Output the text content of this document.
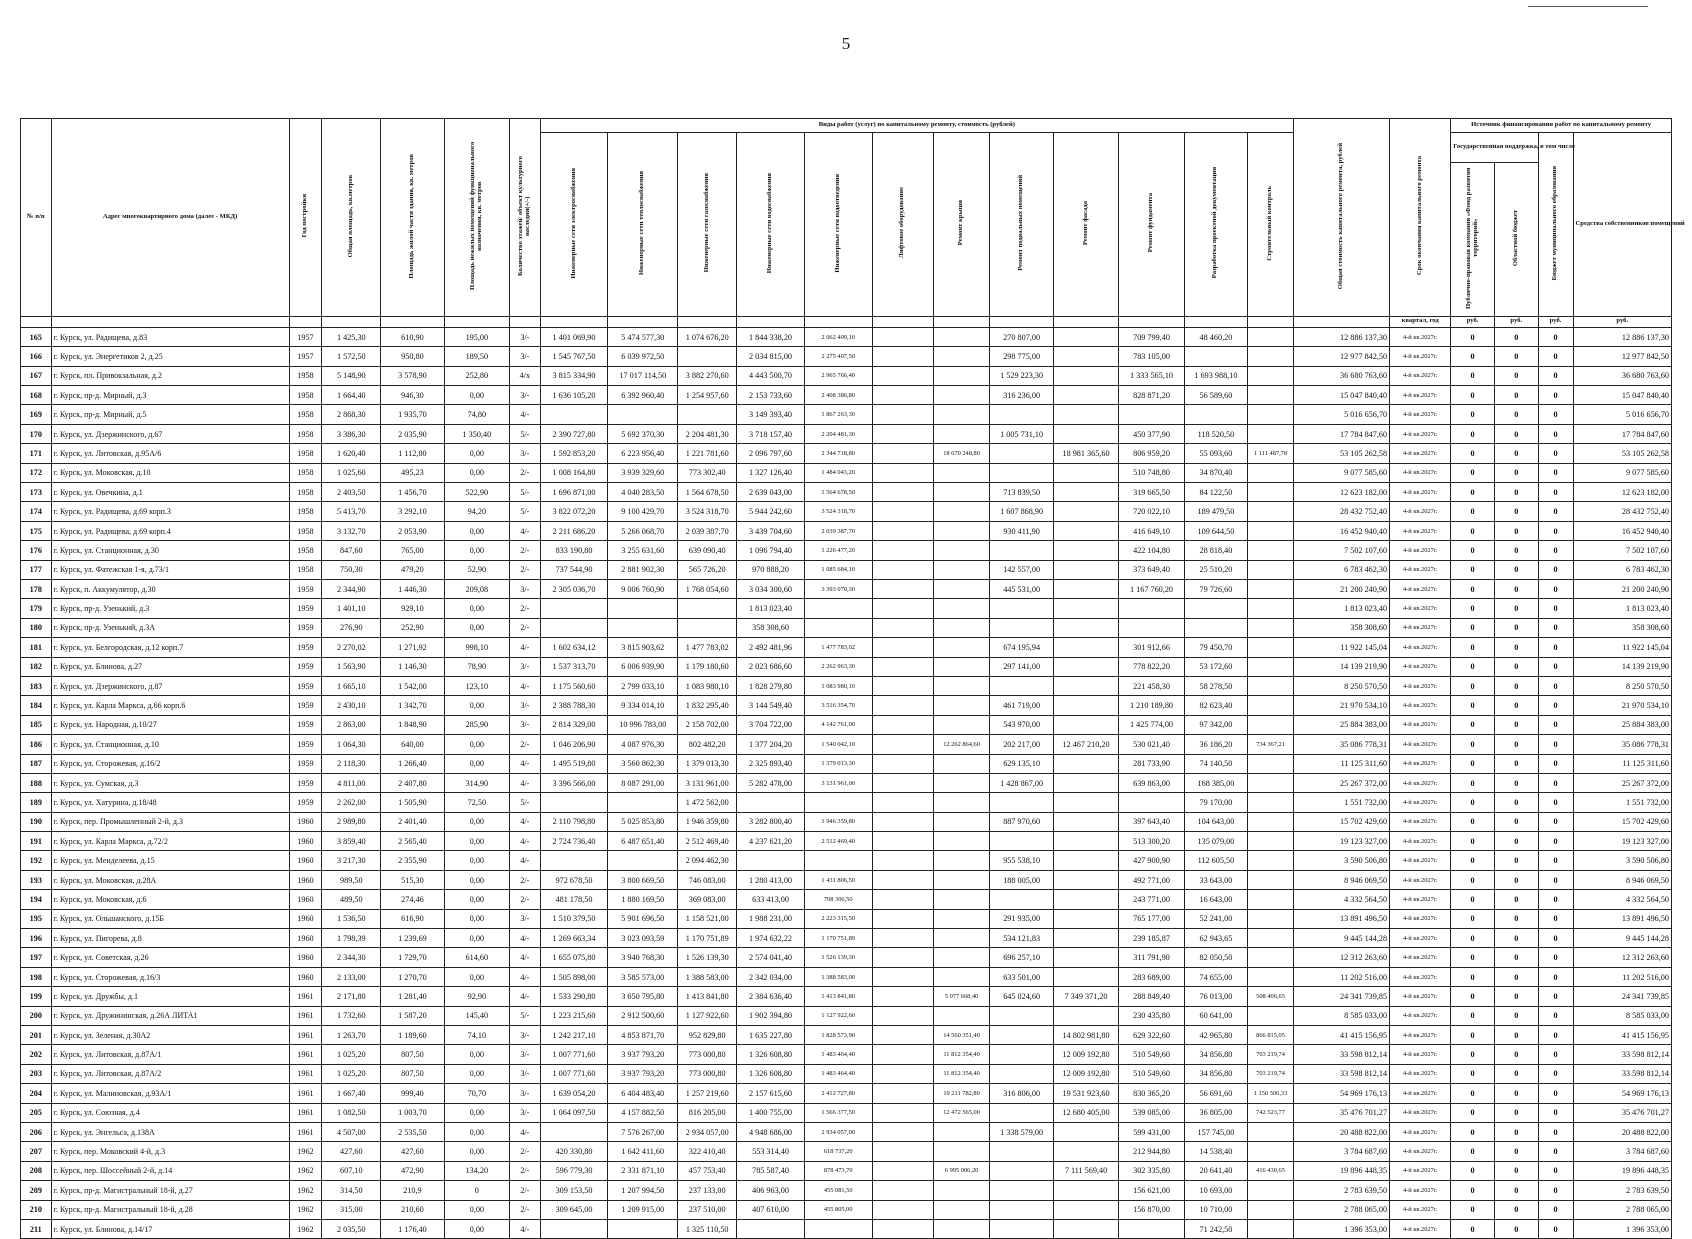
5
№ п/п	Адрес многоквартирного дома (далее - МКД)	Год постройки	Общая площадь, кв.метров	Площадь жилой части здания, кв. метров	Площадь нежилых помещений функционального назначения, кв. метров	Количество этажей/ объект культурного наследия(+/-)	Виды работ (услуг) по капитальному ремонту, стоимость (рублей)												Общая стоимость капитального ремонта, рублей	Срок окончания капитального ремонта	Источник финансирования работ по капитальному ремонту			
							Инженерные сети электроснабжения	Инженерные сети теплоснабжения	Инженерные сети газоснабжения	Инженерные сети водоснабжения	Инженерные сети водоотведения	Лифтовое оборудование	Ремонт крыши	Ремонт подвальных помещений	Ремонт фасада	Ремонт фундамента	Разработка проектной документации	Строительный контроль			Государственная поддержка, в том числе		Бюджет муниципального образования	Средства собственников помещений
																					Публично-правовая компания «Фонд развития территорий»	Областной бюджет		
																				квартал, год	руб.	руб.	руб.	руб.
165	г. Курск, ул. Радищева, д.83	1957	1 425,30	610,90	195,00	3/-	1 401 069,90	5 474 577,30	1 074 676,20	1 844 338,20	2 062 409,10			270 807,00		709 799,40	48 460,20		12 886 137,30	4-й кв.2027г.	0	0	0	12 886 137,30
166	г. Курск, ул. Энергетиков 2, д.25	1957	1 572,50	950,80	189,50	3/-	1 545 767,50	6 039 972,50		2 034 815,00	2 275 407,50			298 775,00		783 105,00			12 977 842,50	4-й кв.2027г.	0	0	0	12 977 842,50
167	г. Курск, пл. Привокзальная, д.2	1958	5 148,90	3 578,90	252,80	4/х	3 815 334,90	17 017 114,50	3 882 270,60	4 443 500,70	2 965 766,40			1 529 223,30		1 333 565,10	1 693 988,10		36 680 763,60	4-й кв.2027г.	0	0	0	36 680 763,60
168	г. Курск, пр-д. Мирный, д.3	1958	1 664,40	946,30	0,00	3/-	1 636 105,20	6 392 960,40	1 254 957,60	2 153 733,60	2 408 386,80			316 236,00		828 871,20	56 589,60		15 047 840,40	4-й кв.2027г.	0	0	0	15 047 840,40
169	г. Курск, пр-д. Мирный, д.5	1958	2 868,30	1 935,70	74,80	4/-				3 149 393,40	1 867 263,30								5 016 656,70	4-й кв.2027г.	0	0	0	5 016 656,70
170	г. Курск, ул. Дзержинского, д.67	1958	3 386,30	2 035,90	1 350,40	5/-	2 390 727,80	5 692 370,30	2 204 481,30	3 718 157,40	2 204 481,30			1 005 731,10		450 377,90	118 520,50		17 784 847,60	4-й кв.2027г.	0	0	0	17 784 847,60
171	г. Курск, ул. Литовская, д.95А/6	1958	1 620,40	1 112,80	0,00	3/-	1 592 853,20	6 223 956,40	1 221 781,60	2 096 797,60	2 344 718,80		18 670 248,80		18 981 365,60	806 959,20	55 093,60	1 111 487,78	53 105 262,58	4-й кв.2027г.	0	0	0	53 105 262,58
172	г. Курск, ул. Моковская, д.10	1958	1 025,60	495,23	0,00	2/-	1 008 164,80	3 939 329,60	773 302,40	1 327 126,40	1 484 043,20					510 748,80	34 870,40		9 077 585,60	4-й кв.2027г.	0	0	0	9 077 585,60
173	г. Курск, ул. Овечкина, д.1	1958	2 403,50	1 456,70	522,90	5/-	1 696 871,00	4 040 283,50	1 564 678,50	2 639 043,00	1 564 678,50			713 839,50		319 665,50	84 122,50		12 623 182,00	4-й кв.2027г.	0	0	0	12 623 182,00
174	г. Курск, ул. Радищева, д.69 корп.3	1958	5 413,70	3 292,10	94,20	5/-	3 822 072,20	9 100 429,70	3 524 318,70	5 944 242,60	3 524 318,70			1 607 868,90		720 022,10	189 479,50		28 432 752,40	4-й кв.2027г.	0	0	0	28 432 752,40
175	г. Курск, ул. Радищева, д.69 корп.4	1958	3 132,70	2 053,90	0,00	4/-	2 211 686,20	5 266 068,70	2 039 387,70	3 439 704,60	2 039 387,70			930 411,90		416 649,10	109 644,50		16 452 940,40	4-й кв.2027г.	0	0	0	16 452 940,40
176	г. Курск, ул. Станционная, д.30	1958	847,60	765,00	0,00	2/-	833 190,80	3 255 631,60	639 090,40	1 096 794,40	1 226 477,20					422 104,80	28 818,40		7 502 107,60	4-й кв.2027г.	0	0	0	7 502 107,60
177	г. Курск, ул. Фатежская 1-я, д.73/1	1958	750,30	479,20	52,90	2/-	737 544,90	2 881 902,30	565 726,20	970 888,20	1 085 684,10			142 557,00		373 649,40	25 510,20		6 783 462,30	4-й кв.2027г.	0	0	0	6 783 462,30
178	г. Курск, п. Аккумулятор, д.30	1959	2 344,90	1 446,30	209,08	3/-	2 305 036,70	9 006 760,90	1 768 054,60	3 034 300,60	3 393 070,30			445 531,00		1 167 760,20	79 726,60		21 200 240,90	4-й кв.2027г.	0	0	0	21 200 240,90
179	г. Курск, пр-д. Узенький, д.3	1959	1 401,10	929,10	0,00	2/-				1 813 023,40									1 813 023,40	4-й кв.2027г.	0	0	0	1 813 023,40
180	г. Курск, пр-д. Узенький, д.3А	1959	276,90	252,90	0,00	2/-				358 308,60									358 308,60	4-й кв.2027г.	0	0	0	358 308,60
181	г. Курск, ул. Белгородская, д.12 корп.7	1959	2 270,02	1 271,92	998,10	4/-	1 602 634,12	3 815 903,62	1 477 783,02	2 492 481,96	1 477 783,02			674 195,94		301 912,66	79 450,70		11 922 145,04	4-й кв.2027г.	0	0	0	11 922 145,04
182	г. Курск, ул. Блинова, д.27	1959	1 563,90	1 146,30	78,90	3/-	1 537 313,70	6 006 939,90	1 179 180,60	2 023 686,60	2 262 963,30			297 141,00		778 822,20	53 172,60		14 139 219,90	4-й кв.2027г.	0	0	0	14 139 219,90
183	г. Курск, ул. Дзержинского, д.87	1959	1 665,10	1 542,00	123,10	4/-	1 175 560,60	2 799 033,10	1 083 980,10	1 828 279,80	1 083 980,10					221 458,30	58 278,50		8 250 570,50	4-й кв.2027г.	0	0	0	8 250 570,50
184	г. Курск, ул. Карла Маркса, д.66 корп.6	1959	2 430,10	1 342,70	0,00	3/-	2 388 788,30	9 334 014,10	1 832 295,40	3 144 549,40	3 516 354,70			461 719,00		1 210 189,80	82 623,40		21 970 534,10	4-й кв.2027г.	0	0	0	21 970 534,10
185	г. Курск, ул. Народная, д.10/27	1959	2 863,00	1 848,90	285,90	3/-	2 814 329,00	10 996 783,00	2 158 702,00	3 704 722,00	4 142 761,00			543 970,00		1 425 774,00	97 342,00		25 884 383,00	4-й кв.2027г.	0	0	0	25 884 383,00
186	г. Курск, ул. Станционная, д.10	1959	1 064,30	640,00	0,00	2/-	1 046 206,90	4 087 976,30	802 482,20	1 377 204,20	1 540 042,10		12 262 864,60	202 217,00	12 467 210,20	530 021,40	36 186,20	734 367,21	35 086 778,31	4-й кв.2027г.	0	0	0	35 086 778,31
187	г. Курск, ул. Сторожевая, д.16/2	1959	2 118,30	1 266,40	0,00	4/-	1 495 519,80	3 560 862,30	1 379 013,30	2 325 893,40	1 379 013,30			629 135,10		281 733,90	74 140,50		11 125 311,60	4-й кв.2027г.	0	0	0	11 125 311,60
188	г. Курск, ул. Сумская, д.3	1959	4 811,00	2 407,80	314,90	4/-	3 396 566,00	8 087 291,00	3 131 961,00	5 282 478,00	3 131 961,00			1 428 867,00		639 863,00	168 385,00		25 267 372,00	4-й кв.2027г.	0	0	0	25 267 372,00
189	г. Курск, ул. Хатурина, д.18/48	1959	2 262,00	1 505,90	72,50	5/-			1 472 562,00								79 170,00		1 551 732,00	4-й кв.2027г.	0	0	0	1 551 732,00
190	г. Курск, пер. Промышленный 2-й, д.3	1960	2 989,80	2 401,40	0,00	4/-	2 110 798,80	5 025 853,80	1 946 359,80	3 282 800,40	1 946 359,80			887 970,60		397 643,40	104 643,00		15 702 429,60	4-й кв.2027г.	0	0	0	15 702 429,60
191	г. Курск, ул. Карла Маркса, д.72/2	1960	3 859,40	2 565,40	0,00	4/-	2 724 736,40	6 487 651,40	2 512 469,40	4 237 621,20	2 512 469,40					513 300,20	135 079,00		19 123 327,00	4-й кв.2027г.	0	0	0	19 123 327,00
192	г. Курск, ул. Менделеева, д.15	1960	3 217,30	2 355,90	0,00	4/-			2 094 462,30					955 538,10		427 900,90	112 605,50		3 590 506,80	4-й кв.2027г.	0	0	0	3 590 506,80
193	г. Курск, ул. Моковская, д.28А	1960	989,50	515,30	0,00	2/-	972 678,50	3 800 669,50	746 083,00	1 280 413,00	1 431 806,50			188 005,00		492 771,00	33 643,00		8 946 069,50	4-й кв.2027г.	0	0	0	8 946 069,50
194	г. Курск, ул. Моковская, д.6	1960	489,50	274,46	0,00	2/-	481 178,50	1 880 169,50	369 083,00	633 413,00	708 306,50					243 771,00	16 643,00		4 332 564,50	4-й кв.2027г.	0	0	0	4 332 564,50
195	г. Курск, ул. Ольшанского, д.15Б	1960	1 536,50	616,90	0,00	3/-	1 510 379,50	5 901 696,50	1 158 521,00	1 988 231,00	2 223 315,50			291 935,00		765 177,00	52 241,00		13 891 496,50	4-й кв.2027г.	0	0	0	13 891 496,50
196	г. Курск, ул. Пигорева, д.8	1960	1 798,39	1 239,69	0,00	4/-	1 269 663,34	3 023 093,59	1 170 751,89	1 974 632,22	1 170 751,89			534 121,83		239 185,87	62 943,65		9 445 144,28	4-й кв.2027г.	0	0	0	9 445 144,28
197	г. Курск, ул. Советская, д.26	1960	2 344,30	1 729,70	614,60	4/-	1 655 075,80	3 940 768,30	1 526 139,30	2 574 041,40	1 526 139,30			696 257,10		311 791,90	82 050,50		12 312 263,60	4-й кв.2027г.	0	0	0	12 312 263,60
198	г. Курск, ул. Сторожевая, д.16/3	1960	2 133,00	1 270,70	0,00	4/-	1 505 898,00	3 585 573,00	1 388 583,00	2 342 034,00	1 388 583,00			633 501,00		283 689,00	74 655,00		11 202 516,00	4-й кв.2027г.	0	0	0	11 202 516,00
199	г. Курск, ул. Дружбы, д.1	1961	2 171,80	1 281,40	92,90	4/-	1 533 290,80	3 650 795,80	1 413 841,80	2 384 636,40	1 413 841,80		5 077 668,40	645 024,60	7 349 371,20	288 849,40	76 013,00	508 406,65	24 341 739,85	4-й кв.2027г.	0	0	0	24 341 739,85
200	г. Курск, ул. Дружининская, д.26А ЛИТА1	1961	1 732,60	1 587,20	145,40	5/-	1 223 215,60	2 912 500,60	1 127 922,60	1 902 394,80	1 127 922,60					230 435,80	60 641,00		8 585 033,00	4-й кв.2027г.	0	0	0	8 585 033,00
201	г. Курск, ул. Зеленая, д.30А2	1961	1 263,70	1 189,60	74,10	3/-	1 242 217,10	4 853 871,70	952 829,80	1 635 227,80	1 828 573,90		14 560 351,40		14 802 981,80	629 322,60	42 965,80	866 815,05	41 415 156,95	4-й кв.2027г.	0	0	0	41 415 156,95
202	г. Курск, ул. Литовская, д.87А/1	1961	1 025,20	807,50	0,00	3/-	1 007 771,60	3 937 793,20	773 000,80	1 326 608,80	1 483 464,40		11 812 354,40		12 009 192,80	510 549,60	34 856,80	703 219,74	33 598 812,14	4-й кв.2027г.	0	0	0	33 598 812,14
203	г. Курск, ул. Литовская, д.87А/2	1961	1 025,20	807,50	0,00	3/-	1 007 771,60	3 937 793,20	773 000,80	1 326 608,80	1 483 464,40		11 812 354,40		12 009 192,80	510 549,60	34 856,80	703 219,74	33 598 812,14	4-й кв.2027г.	0	0	0	33 598 812,14
204	г. Курск, ул. Малиновская, д.93А/1	1961	1 667,40	999,40	70,70	3/-	1 639 054,20	6 404 483,40	1 257 219,60	2 157 615,60	2 412 727,80		19 211 782,80	316 806,00	19 531 923,60	830 365,20	56 691,60	1 150 506,33	54 969 176,13	4-й кв.2027г.	0	0	0	54 969 176,13
205	г. Курск, ул. Союзная, д.4	1961	1 082,50	1 003,70	0,00	3/-	1 064 097,50	4 157 882,50	816 205,00	1 400 755,00	1 566 377,50		12 472 565,00		12 680 405,00	539 085,00	36 805,00	742 523,77	35 476 701,27	4-й кв.2027г.	0	0	0	35 476 701,27
206	г. Курск, ул. Энгельса, д.138А	1961	4 507,00	2 535,50	0,00	4/-		7 576 267,00	2 934 057,00	4 948 686,00	2 934 057,00			1 338 579,00		599 431,00	157 745,00		20 488 822,00	4-й кв.2027г.	0	0	0	20 488 822,00
207	г. Курск, пер. Моковский 4-й, д.3	1962	427,60	427,60	0,00	2/-	420 330,80	1 642 411,60	322 410,40	553 314,40	618 737,20					212 944,80	14 538,40		3 784 687,60	4-й кв.2027г.	0	0	0	3 784 687,60
208	г. Курск, пер. Шоссейный 2-й, д.14	1962	607,10	472,90	134,20	2/-	596 779,30	2 331 871,10	457 753,40	785 587,40	878 473,70		6 995 006,20		7 111 569,40	302 335,80	20 641,40	416 430,65	19 896 448,35	4-й кв.2027г.	0	0	0	19 896 448,35
209	г. Курск, пр-д. Магистральный 18-й, д.27	1962	314,50	210,9	0	2/-	309 153,50	1 207 994,50	237 133,00	406 963,00	455 081,50					156 621,00	10 693,00		2 783 639,50	4-й кв.2027г.	0	0	0	2 783 639,50
210	г. Курск, пр-д. Магистральный 18-й, д.28	1962	315,00	210,60	0,00	2/-	309 645,00	1 209 915,00	237 510,00	407 610,00	455 805,00					156 870,00	10 710,00		2 788 065,00	4-й кв.2027г.	0	0	0	2 788 065,00
211	г. Курск, ул. Блинова, д.14/17	1962	2 035,50	1 176,40	0,00	4/-			1 325 110,50								71 242,50		1 396 353,00	4-й кв.2027г.	0	0	0	1 396 353,00
